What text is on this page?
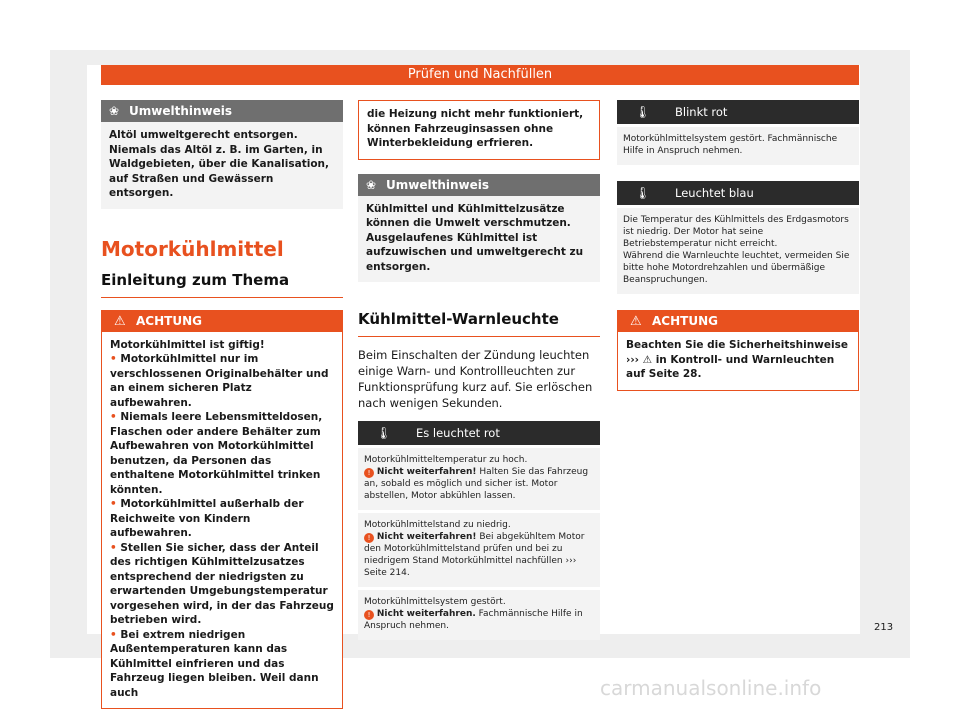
Prüfen und Nachfüllen
❀ Umwelthinweis
Altöl umweltgerecht entsorgen. Niemals das Altöl z. B. im Garten, in Waldgebieten, über die Kanalisation, auf Straßen und Gewässern entsorgen.
Motorkühlmittel
Einleitung zum Thema
⚠ ACHTUNG

Motorkühlmittel ist giftig!

• Motorkühlmittel nur im verschlossenen Originalbehälter und an einem sicheren Platz aufbewahren.

• Niemals leere Lebensmitteldosen, Flaschen oder andere Behälter zum Aufbewahren von Motorkühlmittel benutzen, da Personen das enthaltene Motorkühlmittel trinken könnten.

• Motorkühlmittel außerhalb der Reichweite von Kindern aufbewahren.

• Stellen Sie sicher, dass der Anteil des richtigen Kühlmittelzusatzes entsprechend der niedrigsten zu erwartenden Umgebungstemperatur vorgesehen wird, in der das Fahrzeug betrieben wird.

• Bei extrem niedrigen Außentemperaturen kann das Kühlmittel einfrieren und das Fahrzeug liegen bleiben. Weil dann auch

die Heizung nicht mehr funktioniert, können Fahrzeuginsassen ohne Winterbekleidung erfrieren.
❀ Umwelthinweis
Kühlmittel und Kühlmittelzusätze können die Umwelt verschmutzen. Ausgelaufenes Kühlmittel ist aufzuwischen und umweltgerecht zu entsorgen.
Kühlmittel-Warnleuchte
Beim Einschalten der Zündung leuchten einige Warn- und Kontrollleuchten zur Funktionsprüfung kurz auf. Sie erlöschen nach wenigen Sekunden.
🌡 Es leuchtet rot
Motorkühlmitteltemperatur zu hoch.
! Nicht weiterfahren! Halten Sie das Fahrzeug an, sobald es möglich und sicher ist. Motor abstellen, Motor abkühlen lassen.
Motorkühlmittelstand zu niedrig.
! Nicht weiterfahren! Bei abgekühltem Motor den Motorkühlmittelstand prüfen und bei zu niedrigem Stand Motorkühlmittel nachfüllen ››› Seite 214.
Motorkühlmittelsystem gestört.
! Nicht weiterfahren. Fachmännische Hilfe in Anspruch nehmen.
🌡 Blinkt rot
Motorkühlmittelsystem gestört. Fachmännische Hilfe in Anspruch nehmen.
🌡 Leuchtet blau
Die Temperatur des Kühlmittels des Erdgasmotors ist niedrig. Der Motor hat seine Betriebstemperatur nicht erreicht.
Während die Warnleuchte leuchtet, vermeiden Sie bitte hohe Motordrehzahlen und übermäßige Beanspruchungen.
⚠ ACHTUNG
Beachten Sie die Sicherheitshinweise ››› ⚠ in Kontroll- und Warnleuchten auf Seite 28.
213
carmanualsonline.info
